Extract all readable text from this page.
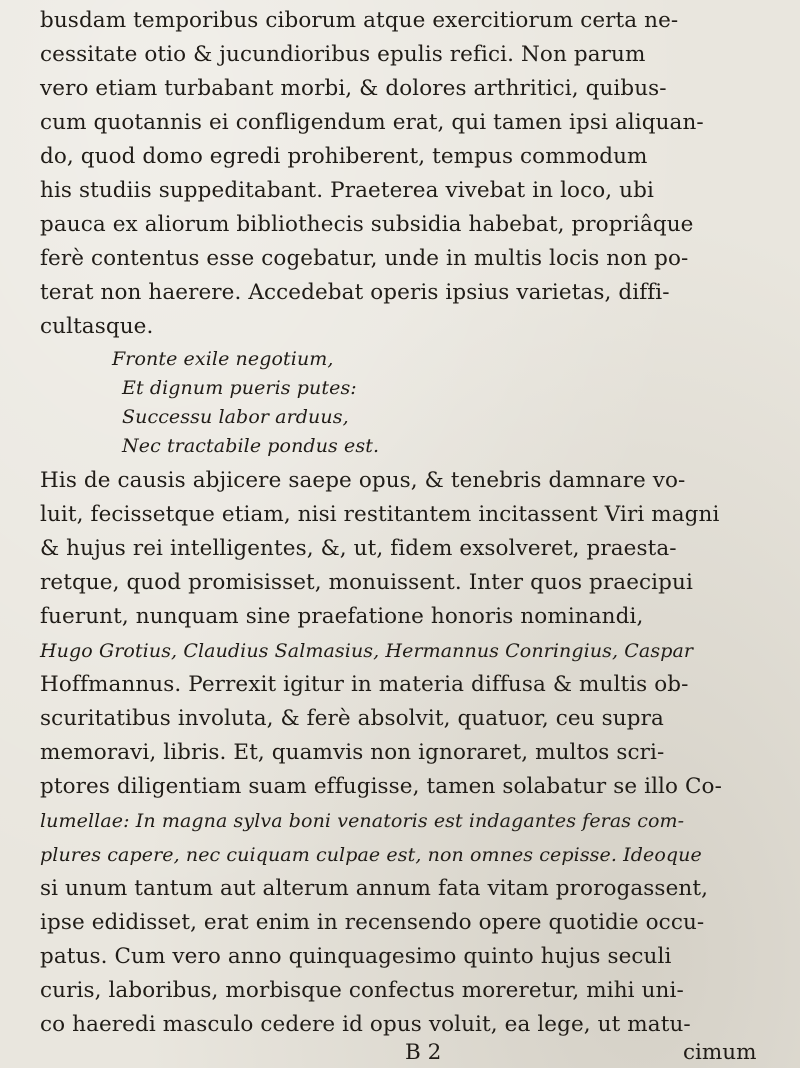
busdam temporibus ciborum atque exercitiorum certa ne-
cessitate otio & jucundioribus epulis refici. Non parum
vero etiam turbabant morbi, & dolores arthritici, quibus-
cum quotannis ei confligendum erat, qui tamen ipsi aliquan-
do, quod domo egredi prohiberent, tempus commodum
his studiis suppeditabant. Praeterea vivebat in loco, ubi
pauca ex aliorum bibliothecis subsidia habebat, propriâque
ferè contentus esse cogebatur, unde in multis locis non po-
terat non haerere. Accedebat operis ipsius varietas, diffi-
cultasque.
Fronte exile negotium,
Et dignum pueris putes:
Successu labor arduus,
Nec tractabile pondus est.
His de causis abjicere saepe opus, & tenebris damnare vo-
luit, fecissetque etiam, nisi restitantem incitassent Viri magni
& hujus rei intelligentes, &, ut, fidem exsolveret, praesta-
retque, quod promisisset, monuissent. Inter quos praecipui
fuerunt, nunquam sine praefatione honoris nominandi,
Hugo Grotius, Claudius Salmasius, Hermannus Conringius, Caspar
Hoffmannus. Perrexit igitur in materia diffusa & multis ob-
scuritatibus involuta, & ferè absolvit, quatuor, ceu supra
memoravi, libris. Et, quamvis non ignoraret, multos scri-
ptores diligentiam suam effugisse, tamen solabatur se illo Co-
lumellae: In magna sylva boni venatoris est indagantes feras com-
plures capere, nec cuiquam culpae est, non omnes cepisse. Ideoque
si unum tantum aut alterum annum fata vitam prorogassent,
ipse edidisset, erat enim in recensendo opere quotidie occu-
patus. Cum vero anno quinquagesimo quinto hujus seculi
curis, laboribus, morbisque confectus moreretur, mihi uni-
co haeredi masculo cedere id opus voluit, ea lege, ut matu-
B 2	cimum
